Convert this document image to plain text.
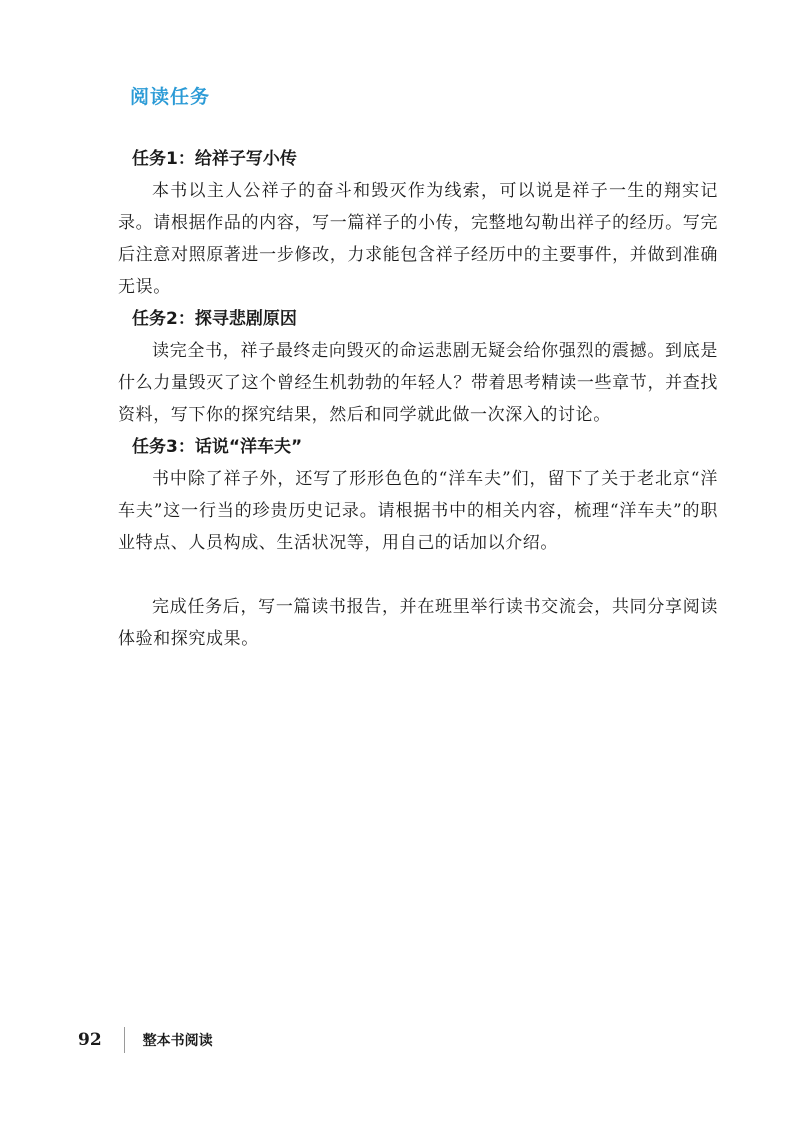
阅读任务
任务1：给祥子写小传

本书以主人公祥子的奋斗和毁灭作为线索，可以说是祥子一生的翔实记录。请根据作品的内容，写一篇祥子的小传，完整地勾勒出祥子的经历。写完后注意对照原著进一步修改，力求能包含祥子经历中的主要事件，并做到准确无误。

任务2：探寻悲剧原因

读完全书，祥子最终走向毁灭的命运悲剧无疑会给你强烈的震撼。到底是什么力量毁灭了这个曾经生机勃勃的年轻人？带着思考精读一些章节，并查找资料，写下你的探究结果，然后和同学就此做一次深入的讨论。

任务3：话说“洋车夫”

书中除了祥子外，还写了形形色色的“洋车夫”们，留下了关于老北京“洋车夫”这一行当的珍贵历史记录。请根据书中的相关内容，梳理“洋车夫”的职业特点、人员构成、生活状况等，用自己的话加以介绍。

完成任务后，写一篇读书报告，并在班里举行读书交流会，共同分享阅读体验和探究成果。

92	整本书阅读
